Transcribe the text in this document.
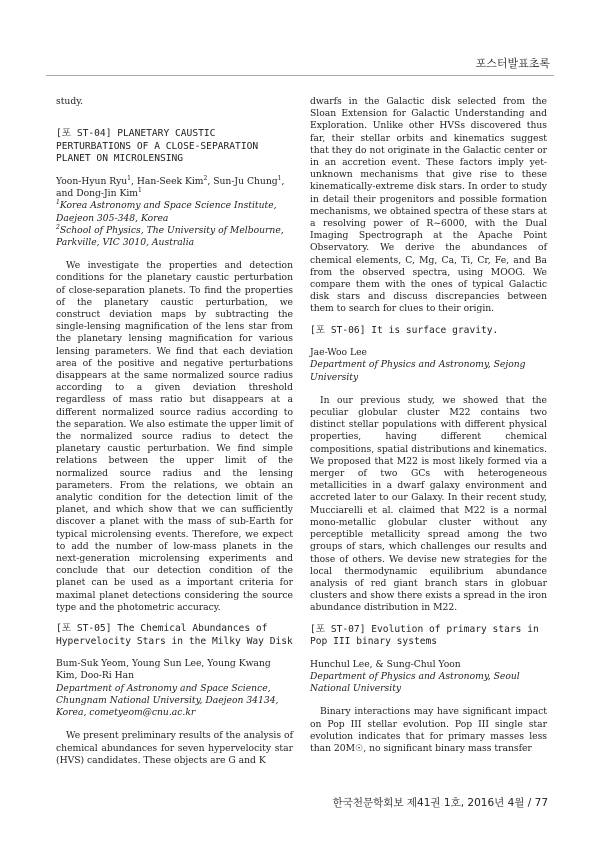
포스터발표초록

study.

[포 ST-04] PLANETARY CAUSTIC PERTURBATIONS OF A CLOSE-SEPARATION PLANET ON MICROLENSING

Yoon-Hyun Ryu$^1$, Han-Seek Kim$^2$, Sun-Ju Chung$^1$, and Dong-Jin Kim$^1$

$^1$Korea Astronomy and Space Science Institute, Daejeon 305-348, Korea

$^2$School of Physics, The University of Melbourne, Parkville, VIC 3010, Australia

We investigate the properties and detection conditions for the planetary caustic perturbation of close-separation planets. To find the properties of the planetary caustic perturbation, we construct deviation maps by subtracting the single-lensing magnification of the lens star from the planetary lensing magnification for various lensing parameters. We find that each deviation area of the positive and negative perturbations disappears at the same normalized source radius according to a given deviation threshold regardless of mass ratio but disappears at a different normalized source radius according to the separation. We also estimate the upper limit of the normalized source radius to detect the planetary caustic perturbation. We find simple relations between the upper limit of the normalized source radius and the lensing parameters. From the relations, we obtain an analytic condition for the detection limit of the planet, and which show that we can sufficiently discover a planet with the mass of sub-Earth for typical microlensing events. Therefore, we expect to add the number of low-mass planets in the next-generation microlensing experiments and conclude that our detection condition of the planet can be used as a important criteria for maximal planet detections considering the source type and the photometric accuracy.

[포 ST-05] The Chemical Abundances of Hypervelocity Stars in the Milky Way Disk

Bum-Suk Yeom, Young Sun Lee, Young Kwang Kim, Doo-Ri Han

Department of Astronomy and Space Science, Chungnam National University, Daejeon 34134, Korea, cometyeom@cnu.ac.kr

We present preliminary results of the analysis of chemical abundances for seven hypervelocity star (HVS) candidates. These objects are G and K

dwarfs in the Galactic disk selected from the Sloan Extension for Galactic Understanding and Exploration. Unlike other HVSs discovered thus far, their stellar orbits and kinematics suggest that they do not originate in the Galactic center or in an accretion event. These factors imply yet-unknown mechanisms that give rise to these kinematically-extreme disk stars. In order to study in detail their progenitors and possible formation mechanisms, we obtained spectra of these stars at a resolving power of R~6000, with the Dual Imaging Spectrograph at the Apache Point Observatory. We derive the abundances of chemical elements, C, Mg, Ca, Ti, Cr, Fe, and Ba from the observed spectra, using MOOG. We compare them with the ones of typical Galactic disk stars and discuss discrepancies between them to search for clues to their origin.

[포 ST-06] It is surface gravity.

Jae-Woo Lee

Department of Physics and Astronomy, Sejong University

In our previous study, we showed that the peculiar globular cluster M22 contains two distinct stellar populations with different physical properties, having different chemical compositions, spatial distributions and kinematics. We proposed that M22 is most likely formed via a merger of two GCs with heterogeneous metallicities in a dwarf galaxy environment and accreted later to our Galaxy. In their recent study, Mucciarelli et al. claimed that M22 is a normal mono-metallic globular cluster without any perceptible metallicity spread among the two groups of stars, which challenges our results and those of others. We devise new strategies for the local thermodynamic equilibrium abundance analysis of red giant branch stars in globuar clusters and show there exists a spread in the iron abundance distribution in M22.

[포 ST-07] Evolution of primary stars in Pop III binary systems

Hunchul Lee, & Sung-Chul Yoon

Department of Physics and Astronomy, Seoul National University

Binary interactions may have significant impact on Pop III stellar evolution. Pop III single star evolution indicates that for primary masses less than 20M☉, no significant binary mass transfer

한국천문학회보 제41권 1호, 2016년 4월 / 77
